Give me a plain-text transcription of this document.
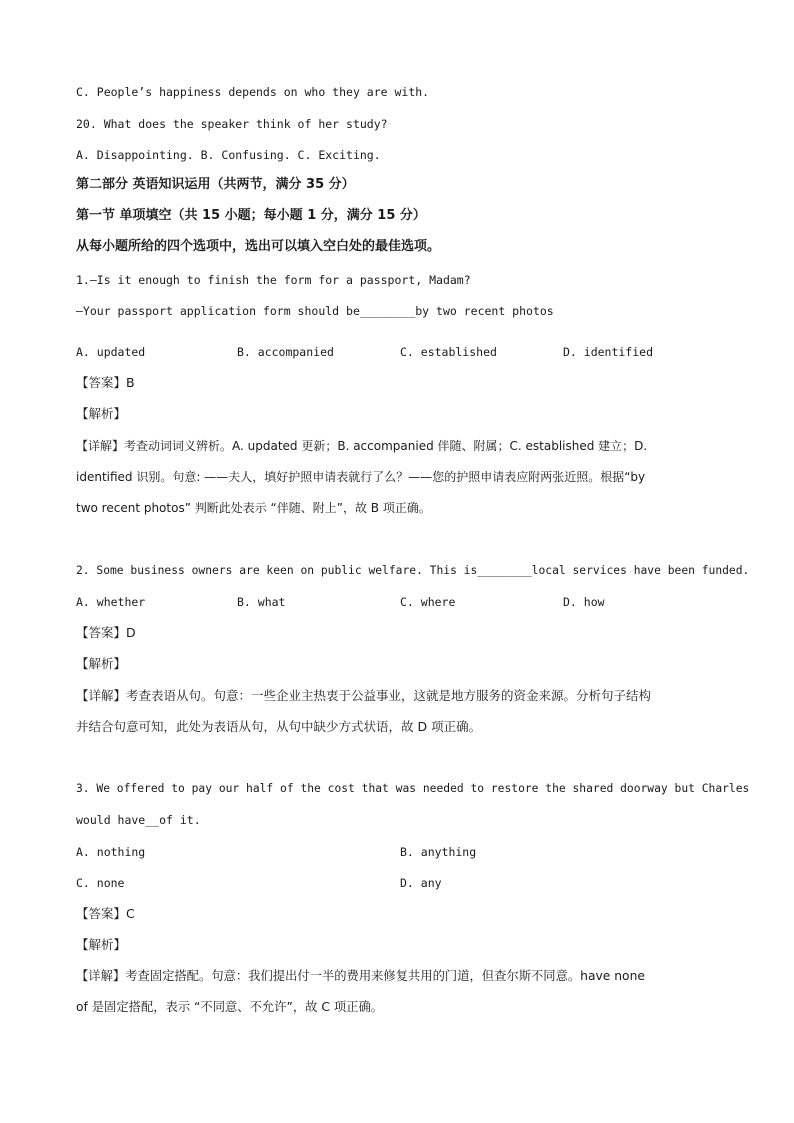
C. People’s happiness depends on who they are with.
20. What does the speaker think of her study?
A. Disappointing. B. Confusing. C. Exciting.
第二部分 英语知识运用（共两节，满分 35 分）
第一节 单项填空（共 15 小题；每小题 1 分，满分 15 分）
从每小题所给的四个选项中，选出可以填入空白处的最佳选项。
1.—Is it enough to finish the form for a passport, Madam?
—Your passport application form should be________by two recent photos
A. updated	B. accompanied	C. established	D. identified
【答案】B
【解析】
【详解】考查动词词义辨析。A. updated 更新；B. accompanied 伴随、附属；C. established 建立；D.
identified 识别。句意: ——夫人，填好护照申请表就行了么？——您的护照申请表应附两张近照。根据“by
two recent photos” 判断此处表示 “伴随、附上”，故 B 项正确。
2. Some business owners are keen on public welfare. This is________local services have been funded.
A. whether	B. what	C. where	D. how
【答案】D
【解析】
【详解】考查表语从句。句意：一些企业主热衷于公益事业，这就是地方服务的资金来源。分析句子结构
并结合句意可知，此处为表语从句，从句中缺少方式状语，故 D 项正确。
3. We offered to pay our half of the cost that was needed to restore the shared doorway but Charles
would have__of it.
A. nothing	B. anything
C. none	D. any
【答案】C
【解析】
【详解】考查固定搭配。句意：我们提出付一半的费用来修复共用的门道，但查尔斯不同意。have none
of 是固定搭配，表示 “不同意、不允许”，故 C 项正确。
